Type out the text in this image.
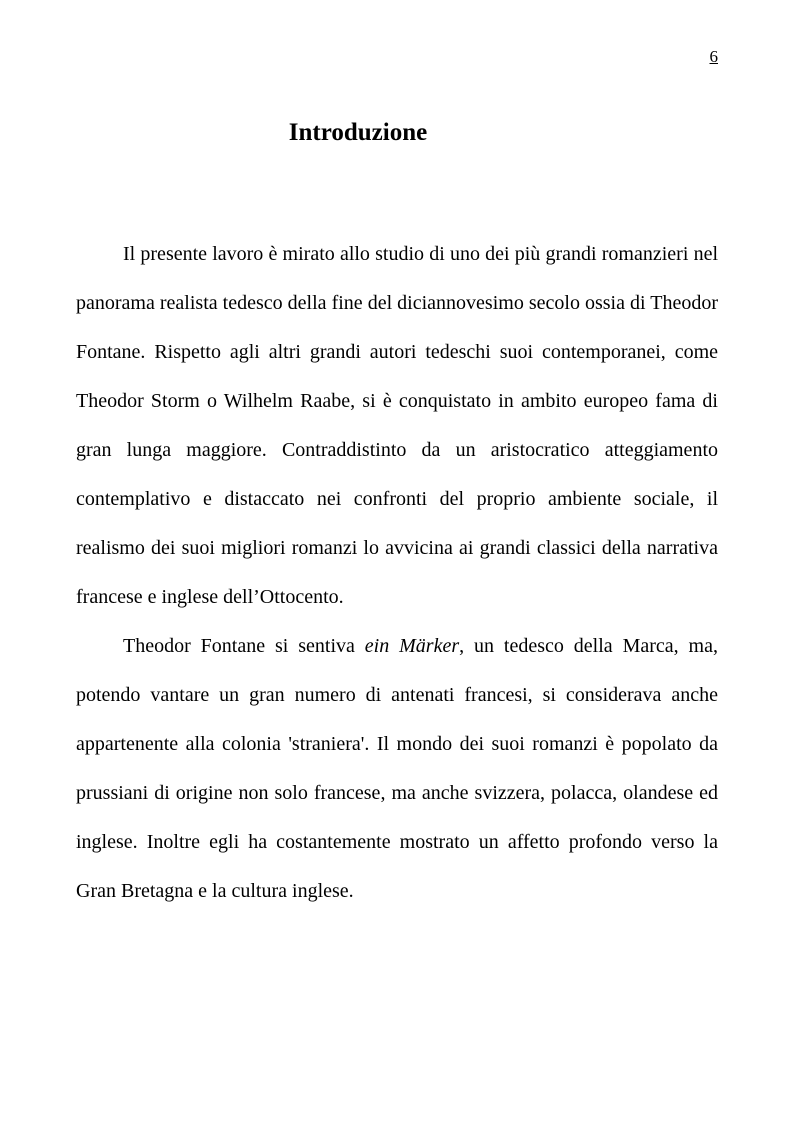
6

Introduzione

Il presente lavoro è mirato allo studio di uno dei più grandi romanzieri nel panorama realista tedesco della fine del diciannovesimo secolo ossia di Theodor Fontane. Rispetto agli altri grandi autori tedeschi suoi contemporanei, come Theodor Storm o Wilhelm Raabe, si è conquistato in ambito europeo fama di gran lunga maggiore. Contraddistinto da un aristocratico atteggiamento contemplativo e distaccato nei confronti del proprio ambiente sociale, il realismo dei suoi migliori romanzi lo avvicina ai grandi classici della narrativa francese e inglese dell’Ottocento.

Theodor Fontane si sentiva ein Märker, un tedesco della Marca, ma, potendo vantare un gran numero di antenati francesi, si considerava anche appartenente alla colonia 'straniera'. Il mondo dei suoi romanzi è popolato da prussiani di origine non solo francese, ma anche svizzera, polacca, olandese ed inglese. Inoltre egli ha costantemente mostrato un affetto profondo verso la Gran Bretagna e la cultura inglese.
